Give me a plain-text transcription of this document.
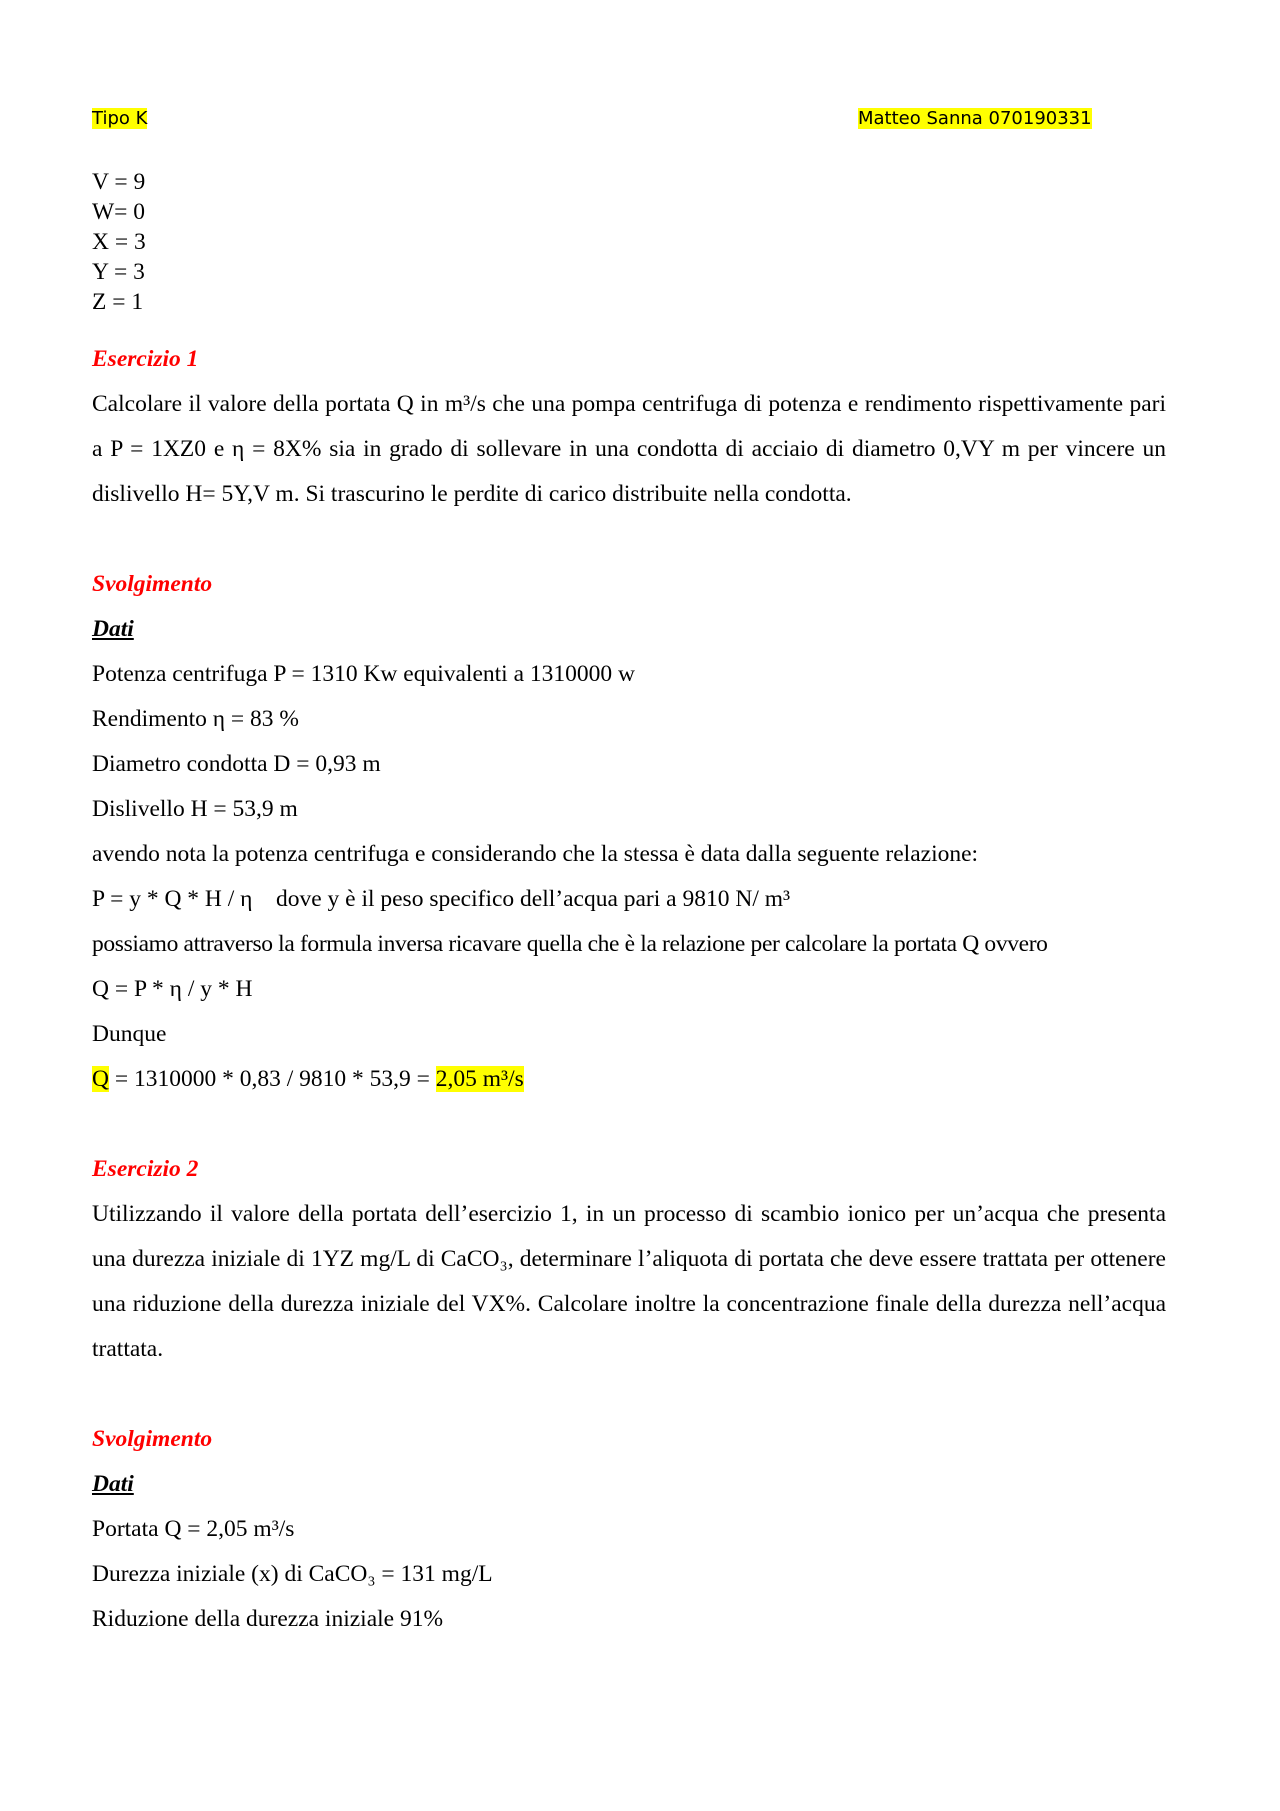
Tipo K	Matteo Sanna 070190331
V = 9
W= 0
X = 3
Y = 3
Z = 1
Esercizio 1
Calcolare il valore della portata Q in m³/s che una pompa centrifuga di potenza e rendimento rispettivamente pari a P = 1XZ0 e η = 8X% sia in grado di sollevare in una condotta di acciaio di diametro 0,VY m per vincere un dislivello H= 5Y,V m. Si trascurino le perdite di carico distribuite nella condotta.
Svolgimento
Dati
Potenza centrifuga P = 1310 Kw equivalenti a 1310000 w
Rendimento η = 83 %
Diametro condotta D = 0,93 m
Dislivello H = 53,9 m
avendo nota la potenza centrifuga e considerando che la stessa è data dalla seguente relazione:
P = y * Q * H / η    dove y è il peso specifico dell’acqua pari a 9810 N/ m³
possiamo attraverso la formula inversa ricavare quella che è la relazione per calcolare la portata Q ovvero
Q = P * η / y * H
Dunque
Q = 1310000 * 0,83 / 9810 * 53,9 = 2,05 m³/s
Esercizio 2
Utilizzando il valore della portata dell’esercizio 1, in un processo di scambio ionico per un’acqua che presenta una durezza iniziale di 1YZ mg/L di CaCO₃, determinare l’aliquota di portata che deve essere trattata per ottenere una riduzione della durezza iniziale del VX%. Calcolare inoltre la concentrazione finale della durezza nell’acqua trattata.
Svolgimento
Dati
Portata Q = 2,05 m³/s
Durezza iniziale (x) di CaCO₃ = 131 mg/L
Riduzione della durezza iniziale 91%
